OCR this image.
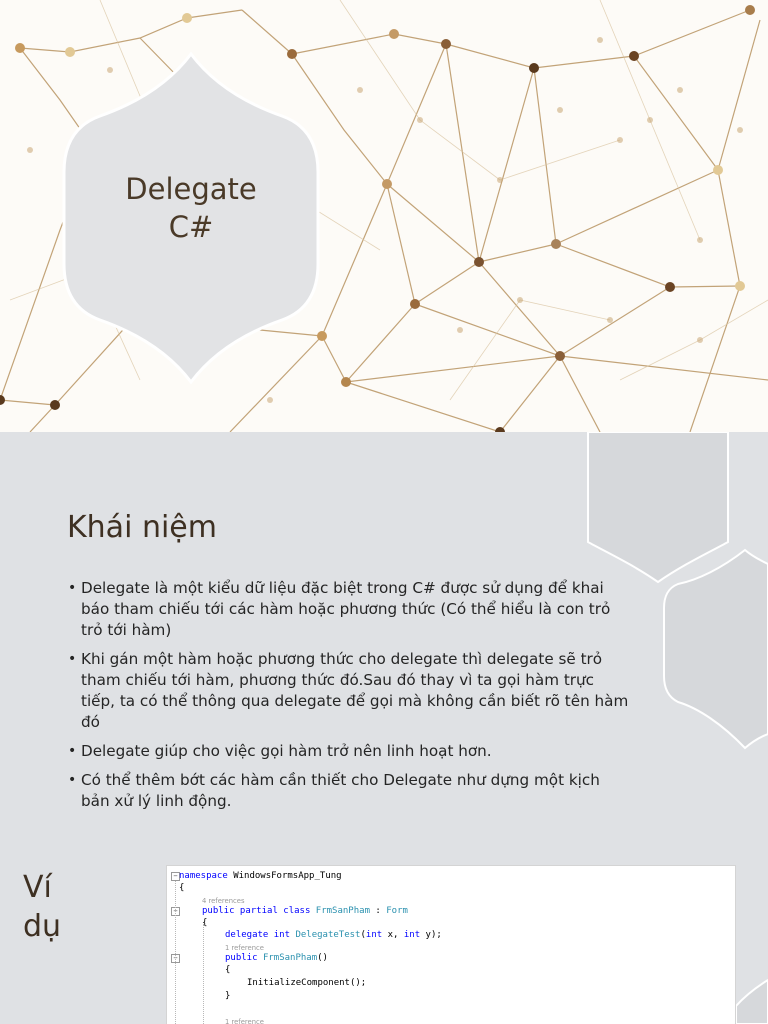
Delegate
C#
Khái niệm
• Delegate là một kiểu dữ liệu đặc biệt trong C# được sử dụng để khai báo tham chiếu tới các hàm hoặc phương thức (Có thể hiểu là con trỏ trỏ tới hàm)
• Khi gán một hàm hoặc phương thức cho delegate thì delegate sẽ trỏ tham chiếu tới hàm, phương thức đó.Sau đó thay vì ta gọi hàm trực tiếp, ta có thể thông qua delegate để gọi mà không cần biết rõ tên hàm đó
• Delegate giúp cho việc gọi hàm trở nên linh hoạt hơn.
• Có thể thêm bớt các hàm cần thiết cho Delegate như dựng một kịch bản xử lý linh động.
Ví
dụ
−
−
−
namespace WindowsFormsApp_Tung
{
4 references
public partial class FrmSanPham : Form
{
delegate int DelegateTest(int x, int y);
1 reference
public FrmSanPham()
{
InitializeComponent();
}
1 reference
